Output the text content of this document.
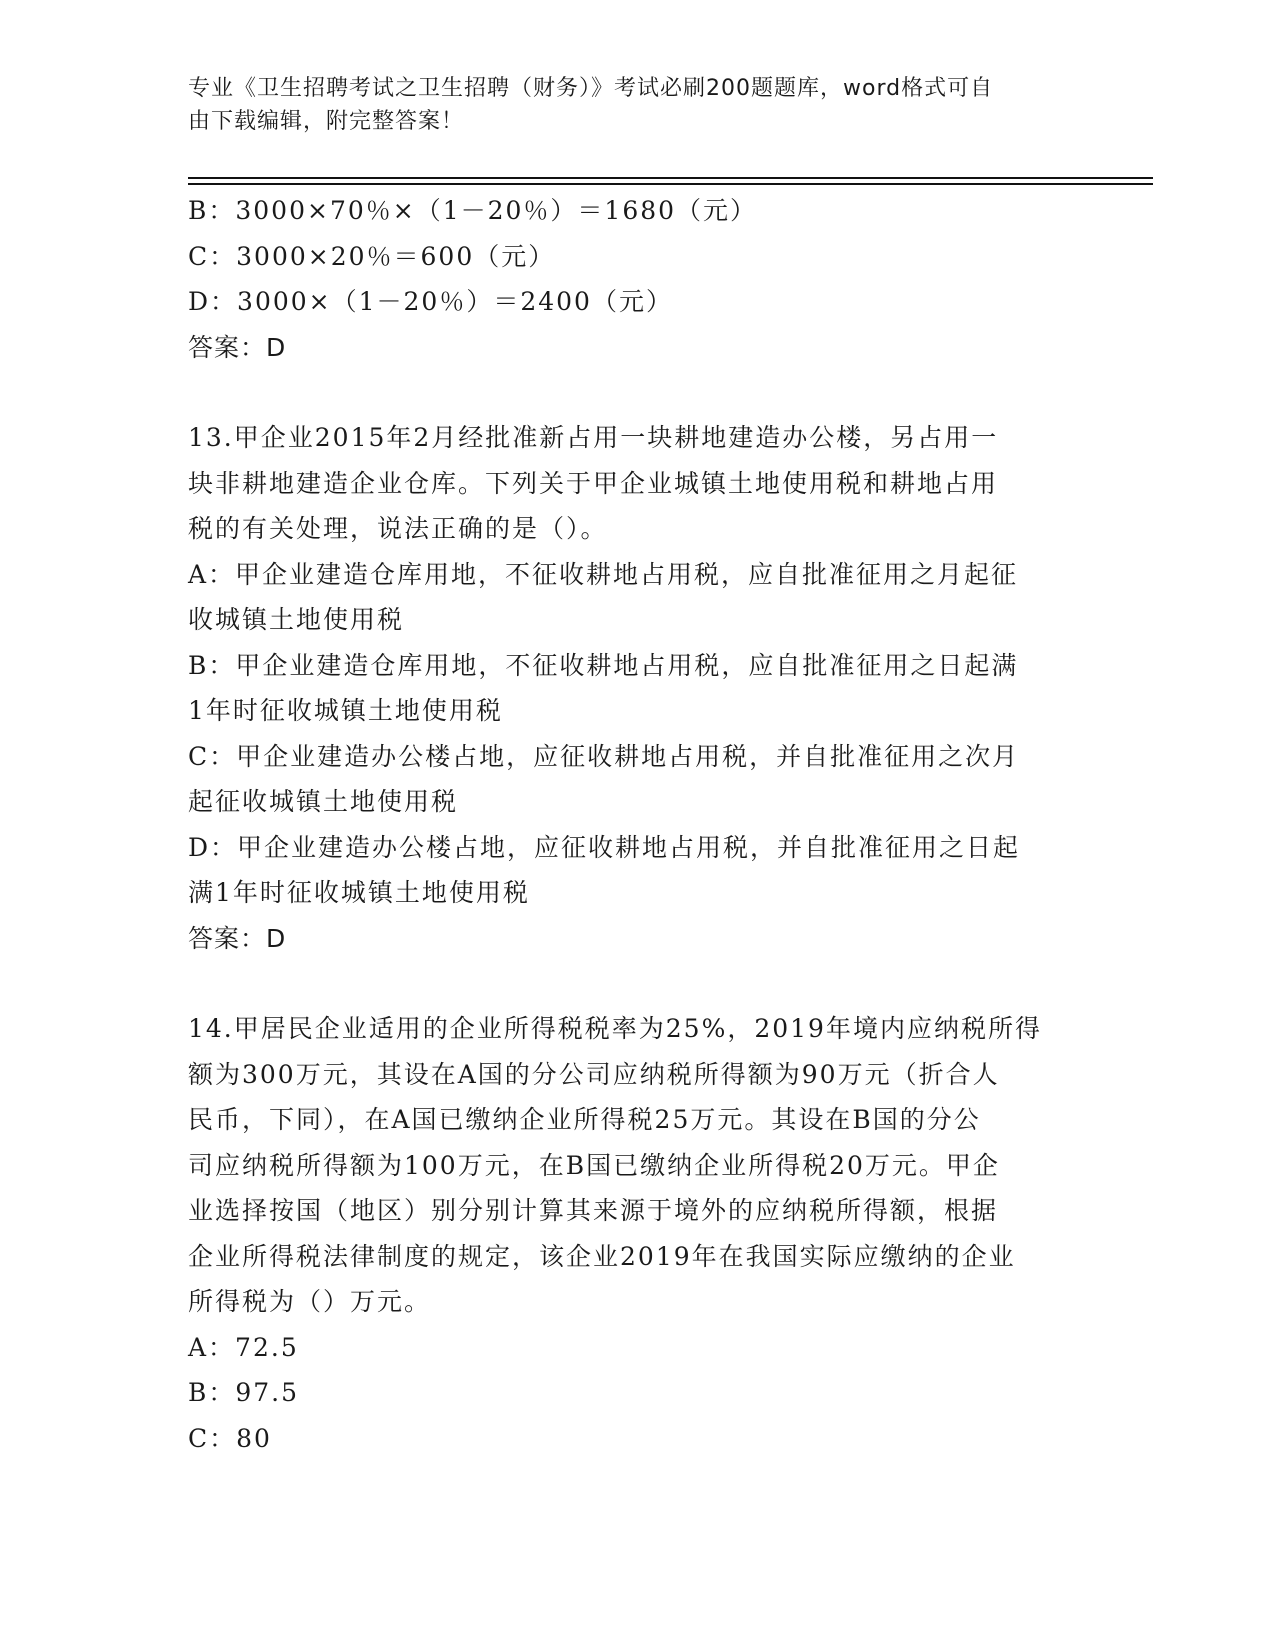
专业《卫生招聘考试之卫生招聘（财务）》考试必刷200题题库，word格式可自
由下载编辑，附完整答案！
B：3000×70％×（1－20％）＝1680（元）
C：3000×20％＝600（元）
D：3000×（1－20％）＝2400（元）
答案：D
13.甲企业2015年2月经批准新占用一块耕地建造办公楼，另占用一
块非耕地建造企业仓库。下列关于甲企业城镇土地使用税和耕地占用
税的有关处理，说法正确的是（）。
A：甲企业建造仓库用地，不征收耕地占用税，应自批准征用之月起征
收城镇土地使用税
B：甲企业建造仓库用地，不征收耕地占用税，应自批准征用之日起满
1年时征收城镇土地使用税
C：甲企业建造办公楼占地，应征收耕地占用税，并自批准征用之次月
起征收城镇土地使用税
D：甲企业建造办公楼占地，应征收耕地占用税，并自批准征用之日起
满1年时征收城镇土地使用税
答案：D
14.甲居民企业适用的企业所得税税率为25%，2019年境内应纳税所得
额为300万元，其设在A国的分公司应纳税所得额为90万元（折合人
民币，下同），在A国已缴纳企业所得税25万元。其设在B国的分公
司应纳税所得额为100万元，在B国已缴纳企业所得税20万元。甲企
业选择按国（地区）别分别计算其来源于境外的应纳税所得额，根据
企业所得税法律制度的规定，该企业2019年在我国实际应缴纳的企业
所得税为（）万元。
A：72.5
B：97.5
C：80
